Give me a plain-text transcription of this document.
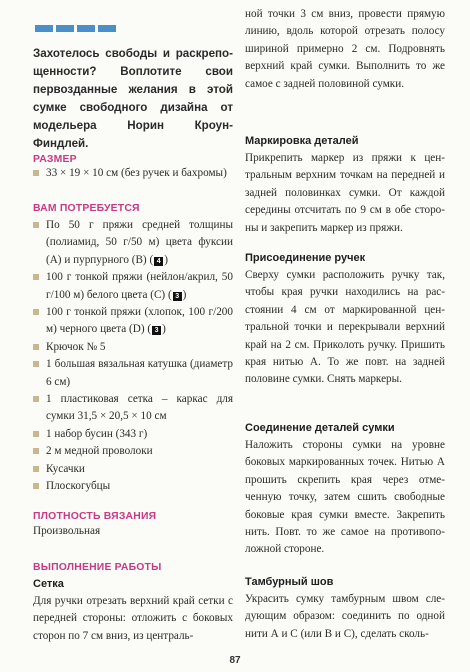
Захотелось свободы и раскрепощенности? Воплотите свои первозданные желания в этой сумке свободного дизайна от модельера Норин Кроун-Финдлей.
РАЗМЕР
33 × 19 × 10 см (без ручек и бахромы)
ВАМ ПОТРЕБУЕТСЯ
По 50 г пряжи средней толщины (полиамид, 50 г/50 м) цвета фуксии (A) и пурпурного (B) ( 4 )
100 г тонкой пряжи (нейлон/акрил, 50 г/100 м) белого цвета (C) ( 3 )
100 г тонкой пряжи (хлопок, 100 г/200 м) черного цвета (D) ( 3 )
Крючок № 5
1 большая вязальная катушка (диаметр 6 см)
1 пластиковая сетка – каркас для сумки 31,5 × 20,5 × 10 см
1 набор бусин (343 г)
2 м медной проволоки
Кусачки
Плоскогубцы
ПЛОТНОСТЬ ВЯЗАНИЯ

Произвольная

ВЫПОЛНЕНИЕ РАБОТЫ
Сетка

Для ручки отрезать верхний край сетки с передней стороны: отложить с боковых сторон по 7 см вниз, из централь-

ной точки 3 см вниз, провести прямую линию, вдоль которой отрезать полосу шириной примерно 2 см. Подровнять верхний край сумки. Выполнить то же самое с задней половиной сумки.

Маркировка деталей

Прикрепить маркер из пряжи к центральным верхним точкам на передней и задней половинках сумки. От каждой середины отсчитать по 9 см в обе стороны и закрепить маркер из пряжи.

Присоединение ручек

Сверху сумки расположить ручку так, чтобы края ручки находились на расстоянии 4 см от маркированной центральной точки и перекрывали верхний край на 2 см. Приколоть ручку. Пришить края нитью А. То же повт. на задней половине сумки. Снять маркеры.

Соединение деталей сумки

Наложить стороны сумки на уровне боковых маркированных точек. Нитью А прошить скрепить края через отмеченную точку, затем сшить свободные боковые края сумки вместе. Закрепить нить. Повт. то же самое на противоположной стороне.

Тамбурный шов

Украсить сумку тамбурным швом следующим образом: соединить по одной нити А и С (или В и С), сделать сколь-

87
